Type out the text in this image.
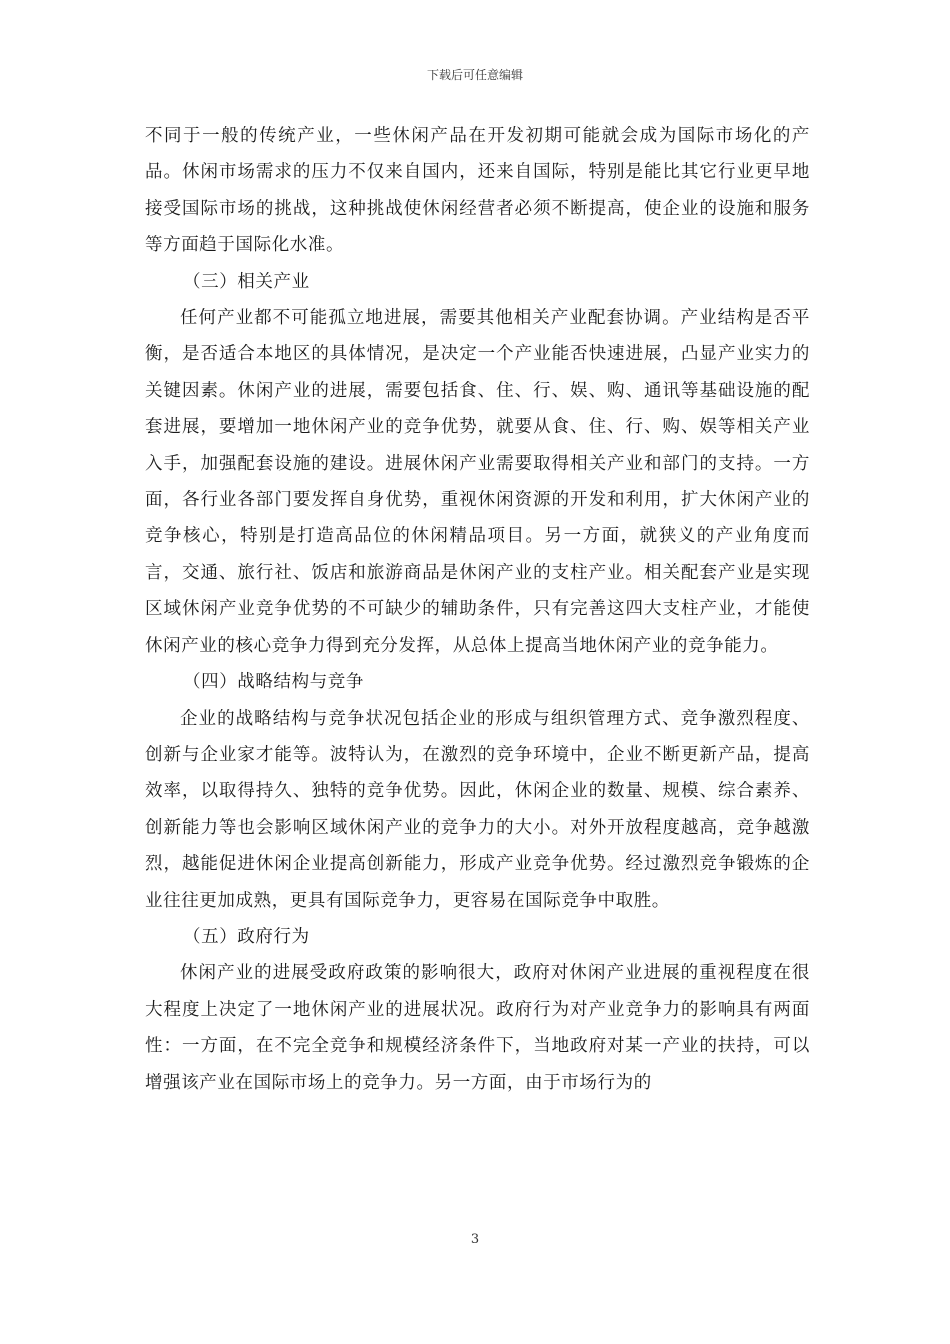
下载后可任意编辑

不同于一般的传统产业，一些休闲产品在开发初期可能就会成为国际市场化的产品。休闲市场需求的压力不仅来自国内，还来自国际，特别是能比其它行业更早地接受国际市场的挑战，这种挑战使休闲经营者必须不断提高，使企业的设施和服务等方面趋于国际化水准。

（三）相关产业

任何产业都不可能孤立地进展，需要其他相关产业配套协调。产业结构是否平衡，是否适合本地区的具体情况，是决定一个产业能否快速进展，凸显产业实力的关键因素。休闲产业的进展，需要包括食、住、行、娱、购、通讯等基础设施的配套进展，要增加一地休闲产业的竞争优势，就要从食、住、行、购、娱等相关产业入手，加强配套设施的建设。进展休闲产业需要取得相关产业和部门的支持。一方面，各行业各部门要发挥自身优势，重视休闲资源的开发和利用，扩大休闲产业的竞争核心，特别是打造高品位的休闲精品项目。另一方面，就狭义的产业角度而言，交通、旅行社、饭店和旅游商品是休闲产业的支柱产业。相关配套产业是实现区域休闲产业竞争优势的不可缺少的辅助条件，只有完善这四大支柱产业，才能使休闲产业的核心竞争力得到充分发挥，从总体上提高当地休闲产业的竞争能力。

（四）战略结构与竞争

企业的战略结构与竞争状况包括企业的形成与组织管理方式、竞争激烈程度、创新与企业家才能等。波特认为，在激烈的竞争环境中，企业不断更新产品，提高效率，以取得持久、独特的竞争优势。因此，休闲企业的数量、规模、综合素养、创新能力等也会影响区域休闲产业的竞争力的大小。对外开放程度越高，竞争越激烈，越能促进休闲企业提高创新能力，形成产业竞争优势。经过激烈竞争锻炼的企业往往更加成熟，更具有国际竞争力，更容易在国际竞争中取胜。

（五）政府行为

休闲产业的进展受政府政策的影响很大，政府对休闲产业进展的重视程度在很大程度上决定了一地休闲产业的进展状况。政府行为对产业竞争力的影响具有两面性：一方面，在不完全竞争和规模经济条件下，当地政府对某一产业的扶持，可以增强该产业在国际市场上的竞争力。另一方面，由于市场行为的

3
